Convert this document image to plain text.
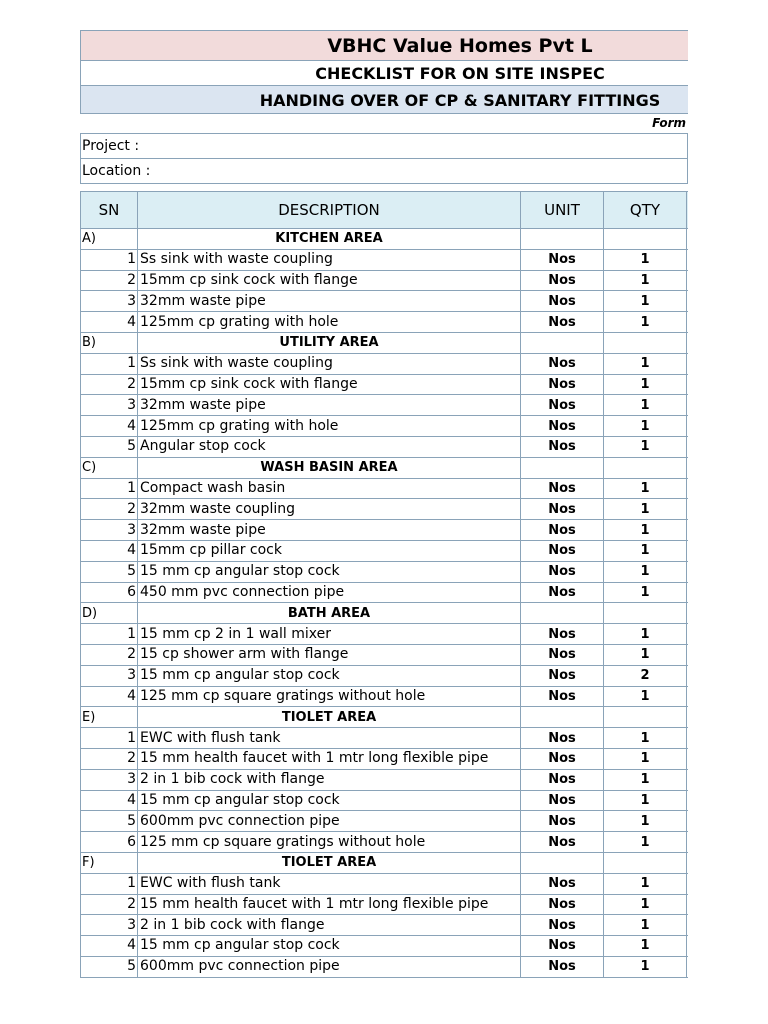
VBHC Value Homes Pvt L
CHECKLIST FOR ON SITE INSPEC
HANDING OVER OF CP & SANITARY FITTINGS
Form
Project :
Location :
SN	DESCRIPTION	UNIT	QTY	
A)	KITCHEN AREA			
1	Ss sink with waste coupling	Nos	1	
2	15mm cp sink cock with flange	Nos	1	
3	32mm waste pipe	Nos	1	
4	125mm cp grating with hole	Nos	1	
B)	UTILITY AREA			
1	Ss sink with waste coupling	Nos	1	
2	15mm cp sink cock with flange	Nos	1	
3	32mm waste pipe	Nos	1	
4	125mm cp grating with hole	Nos	1	
5	Angular stop cock	Nos	1	
C)	WASH BASIN AREA			
1	Compact wash basin	Nos	1	
2	32mm waste coupling	Nos	1	
3	32mm waste pipe	Nos	1	
4	15mm cp pillar cock	Nos	1	
5	15 mm cp angular stop cock	Nos	1	
6	450 mm pvc connection pipe	Nos	1	
D)	BATH AREA			
1	15 mm cp 2 in 1 wall mixer	Nos	1	
2	15 cp shower arm with flange	Nos	1	
3	15 mm cp angular stop cock	Nos	2	
4	125 mm cp square gratings without hole	Nos	1	
E)	TIOLET AREA			
1	EWC with flush tank	Nos	1	
2	15 mm health faucet with 1 mtr long flexible pipe	Nos	1	
3	2 in 1 bib cock with flange	Nos	1	
4	15 mm cp angular stop cock	Nos	1	
5	600mm pvc connection pipe	Nos	1	
6	125 mm cp square gratings without hole	Nos	1	
F)	TIOLET AREA			
1	EWC with flush tank	Nos	1	
2	15 mm health faucet with 1 mtr long flexible pipe	Nos	1	
3	2 in 1 bib cock with flange	Nos	1	
4	15 mm cp angular stop cock	Nos	1	
5	600mm pvc connection pipe	Nos	1	
